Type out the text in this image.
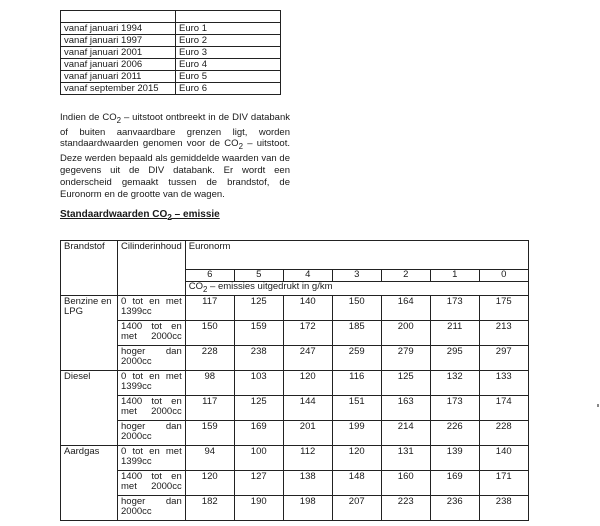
vanaf januari 1994	Euro 1
vanaf januari 1997	Euro 2
vanaf januari 2001	Euro 3
vanaf januari 2006	Euro 4
vanaf januari 2011	Euro 5
vanaf september 2015	Euro 6

Indien de $CO_2$ – uitstoot ontbreekt in de DIV databank of buiten aanvaardbare grenzen ligt, worden standaardwaarden genomen voor de $CO_2$ – uitstoot. Deze werden bepaald als gemiddelde waarden van de gegevens uit de DIV databank. Er wordt een onderscheid gemaakt tussen de brandstof, de Euronorm en de grootte van de wagen.

Standaardwaarden $CO_2$ – emissie

Brandstof	Cilinderinhoud	Euronorm						
		6	5	4	3	2	1	0
		$CO_2$ – emissies uitgedrukt in g/km						
Benzine en LPG	0 tot en met 1399cc	117	125	140	150	164	173	175
	1400 tot en met 2000cc	150	159	172	185	200	211	213
	hoger dan 2000cc	228	238	247	259	279	295	297
Diesel	0 tot en met 1399cc	98	103	120	116	125	132	133
	1400 tot en met 2000cc	117	125	144	151	163	173	174
	hoger dan 2000cc	159	169	201	199	214	226	228
Aardgas	0 tot en met 1399cc	94	100	112	120	131	139	140
	1400 tot en met 2000cc	120	127	138	148	160	169	171
	hoger dan 2000cc	182	190	198	207	223	236	238
